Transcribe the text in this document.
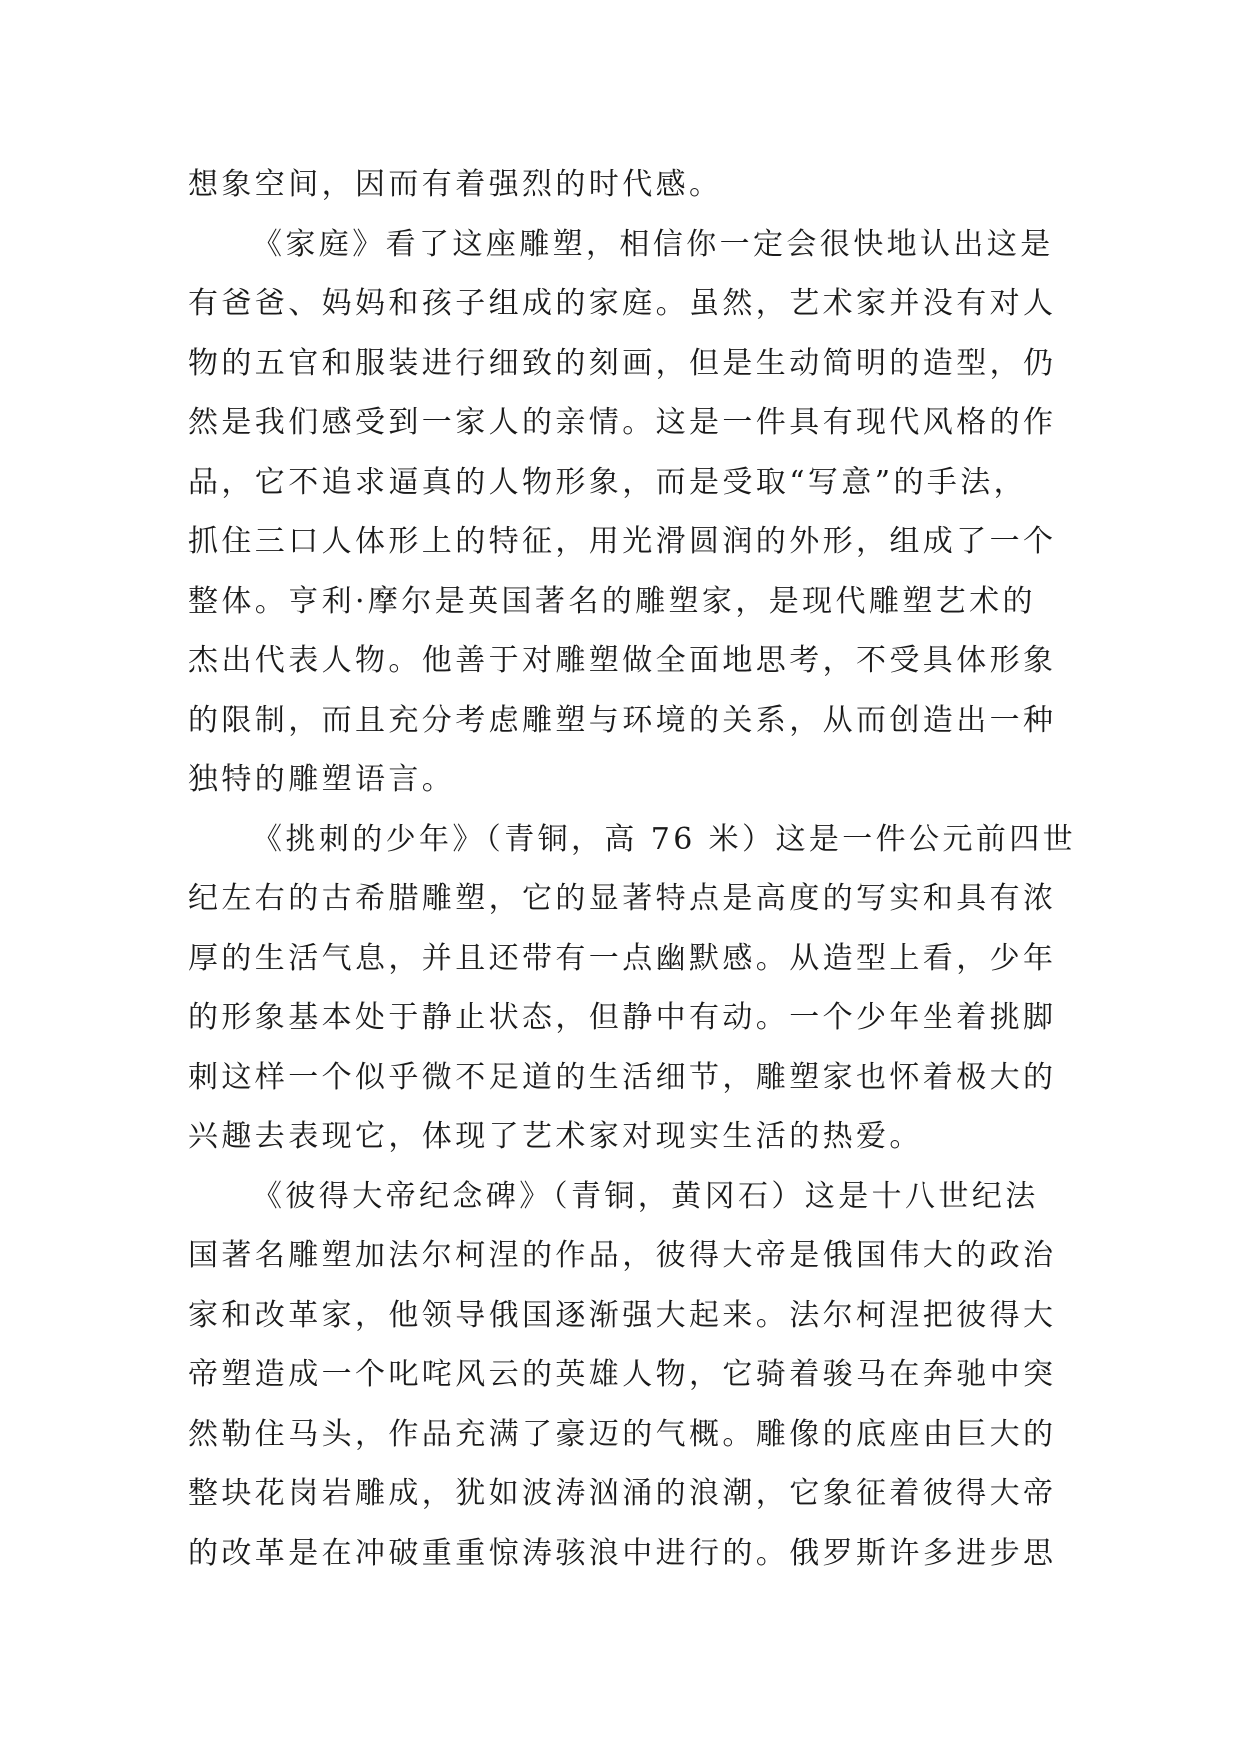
想象空间，因而有着强烈的时代感。
《家庭》看了这座雕塑，相信你一定会很快地认出这是
有爸爸、妈妈和孩子组成的家庭。虽然，艺术家并没有对人
物的五官和服装进行细致的刻画，但是生动简明的造型，仍
然是我们感受到一家人的亲情。这是一件具有现代风格的作
品，它不追求逼真的人物形象，而是受取“写意”的手法，
抓住三口人体形上的特征，用光滑圆润的外形，组成了一个
整体。亨利·摩尔是英国著名的雕塑家，是现代雕塑艺术的
杰出代表人物。他善于对雕塑做全面地思考，不受具体形象
的限制，而且充分考虑雕塑与环境的关系，从而创造出一种
独特的雕塑语言。
《挑刺的少年》（青铜，高 76 米）这是一件公元前四世
纪左右的古希腊雕塑，它的显著特点是高度的写实和具有浓
厚的生活气息，并且还带有一点幽默感。从造型上看，少年
的形象基本处于静止状态，但静中有动。一个少年坐着挑脚
刺这样一个似乎微不足道的生活细节，雕塑家也怀着极大的
兴趣去表现它，体现了艺术家对现实生活的热爱。
《彼得大帝纪念碑》（青铜，黄冈石）这是十八世纪法
国著名雕塑加法尔柯涅的作品，彼得大帝是俄国伟大的政治
家和改革家，他领导俄国逐渐强大起来。法尔柯涅把彼得大
帝塑造成一个叱咤风云的英雄人物，它骑着骏马在奔驰中突
然勒住马头，作品充满了豪迈的气概。雕像的底座由巨大的
整块花岗岩雕成，犹如波涛汹涌的浪潮，它象征着彼得大帝
的改革是在冲破重重惊涛骇浪中进行的。俄罗斯许多进步思
